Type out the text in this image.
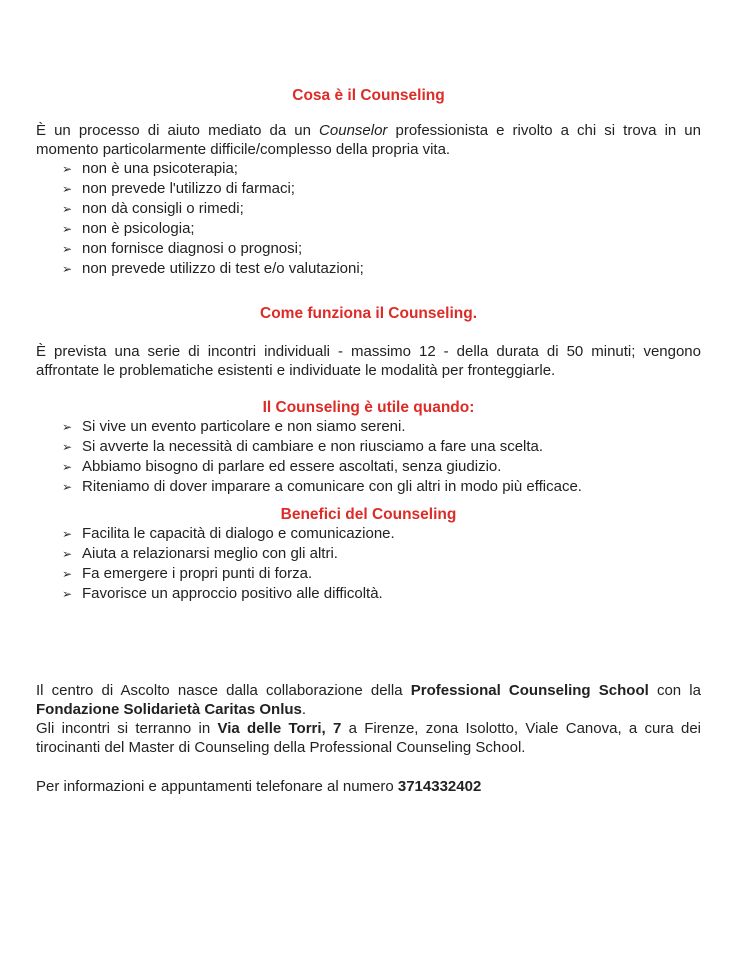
Cosa è il Counseling

È un processo di aiuto mediato da un Counselor professionista e rivolto a chi si trova in un momento particolarmente difficile/complesso della propria vita.

➢ non è una psicoterapia;
➢ non prevede l'utilizzo di farmaci;
➢ non dà consigli o rimedi;
➢ non è psicologia;
➢ non fornisce diagnosi o prognosi;
➢ non prevede utilizzo di test e/o valutazioni;
Come funziona il Counseling.

È prevista una serie di incontri individuali - massimo 12 - della durata di 50 minuti; vengono affrontate le problematiche esistenti e individuate le modalità per fronteggiarle.

Il Counseling è utile quando:
➢ Si vive un evento particolare e non siamo sereni.
➢ Si avverte la necessità di cambiare e non riusciamo a fare una scelta.
➢ Abbiamo bisogno di parlare ed essere ascoltati, senza giudizio.
➢ Riteniamo di dover imparare a comunicare con gli altri in modo più efficace.
Benefici del Counseling
➢ Facilita le capacità di dialogo e comunicazione.
➢ Aiuta a relazionarsi meglio con gli altri.
➢ Fa emergere i propri punti di forza.
➢ Favorisce un approccio positivo alle difficoltà.

Il centro di Ascolto nasce dalla collaborazione della Professional Counseling School con la Fondazione Solidarietà Caritas Onlus.
Gli incontri si terranno in Via delle Torri, 7 a Firenze, zona Isolotto, Viale Canova, a cura dei tirocinanti del Master di Counseling della Professional Counseling School.

Per informazioni e appuntamenti telefonare al numero 3714332402
